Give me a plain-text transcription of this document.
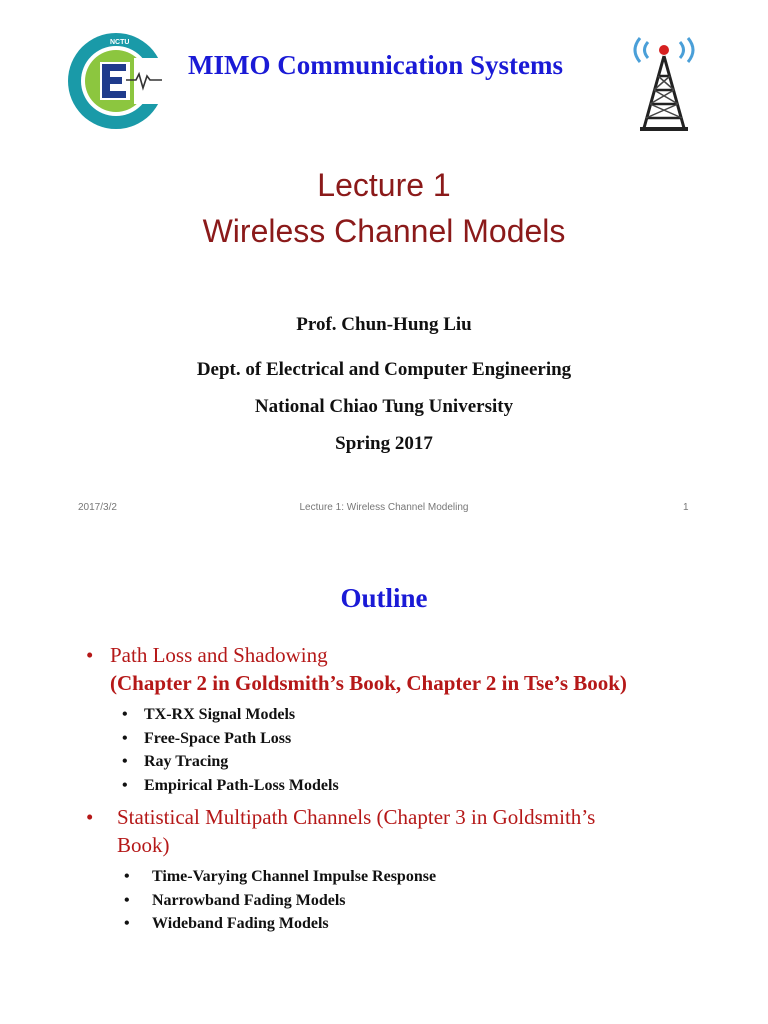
NCTU
MIMO Communication Systems
Lecture 1
Wireless Channel Models
Prof. Chun-Hung Liu
Dept. of Electrical and Computer Engineering
National Chiao Tung University
Spring 2017
2017/3/2	Lecture 1: Wireless Channel Modeling	1
Outline
• Path Loss and Shadowing
(Chapter 2 in Goldsmith’s Book, Chapter 2 in Tse’s Book)
• TX-RX Signal Models
• Free-Space Path Loss
• Ray Tracing
• Empirical Path-Loss Models
• Statistical Multipath Channels (Chapter 3 in Goldsmith’s
Book)
• Time-Varying Channel Impulse Response
• Narrowband Fading Models
• Wideband Fading Models
